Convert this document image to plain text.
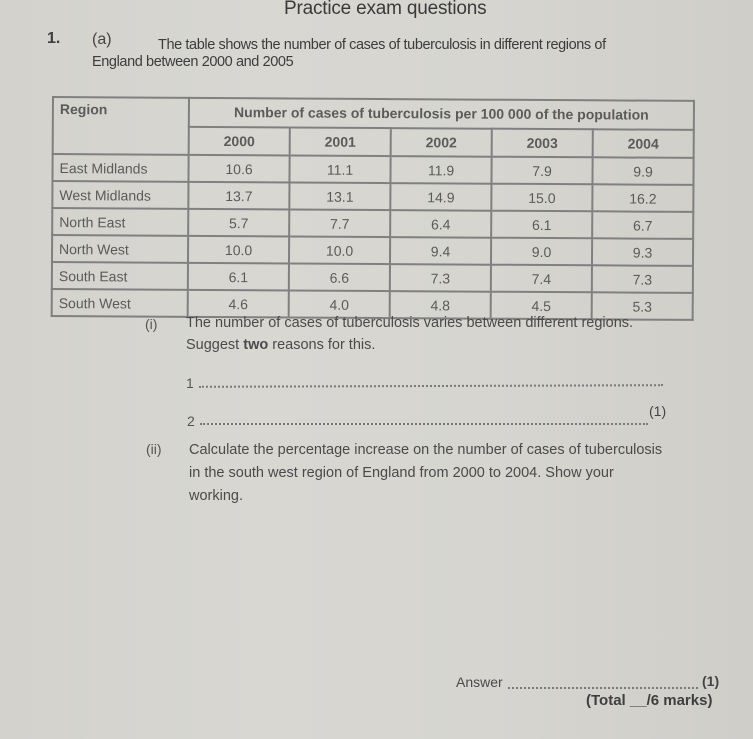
Practice exam questions
1. (a)	The table shows the number of cases of tuberculosis in different regions of
England between 2000 and 2005
Region	Number of cases of tuberculosis per 100 000 of the population				
	2000	2001	2002	2003	2004
East Midlands	10.6	11.1	11.9	7.9	9.9
West Midlands	13.7	13.1	14.9	15.0	16.2
North East	5.7	7.7	6.4	6.1	6.7
North West	10.0	10.0	9.4	9.0	9.3
South East	6.1	6.6	7.3	7.4	7.3
South West	4.6	4.0	4.8	4.5	5.3
(i) The number of cases of tuberculosis varies between different regions.
Suggest two reasons for this.
1
2
(1)
(ii) Calculate the percentage increase on the number of cases of tuberculosis in the south west region of England from 2000 to 2004. Show your working.
Answer	(1)
(Total __/6 marks)
